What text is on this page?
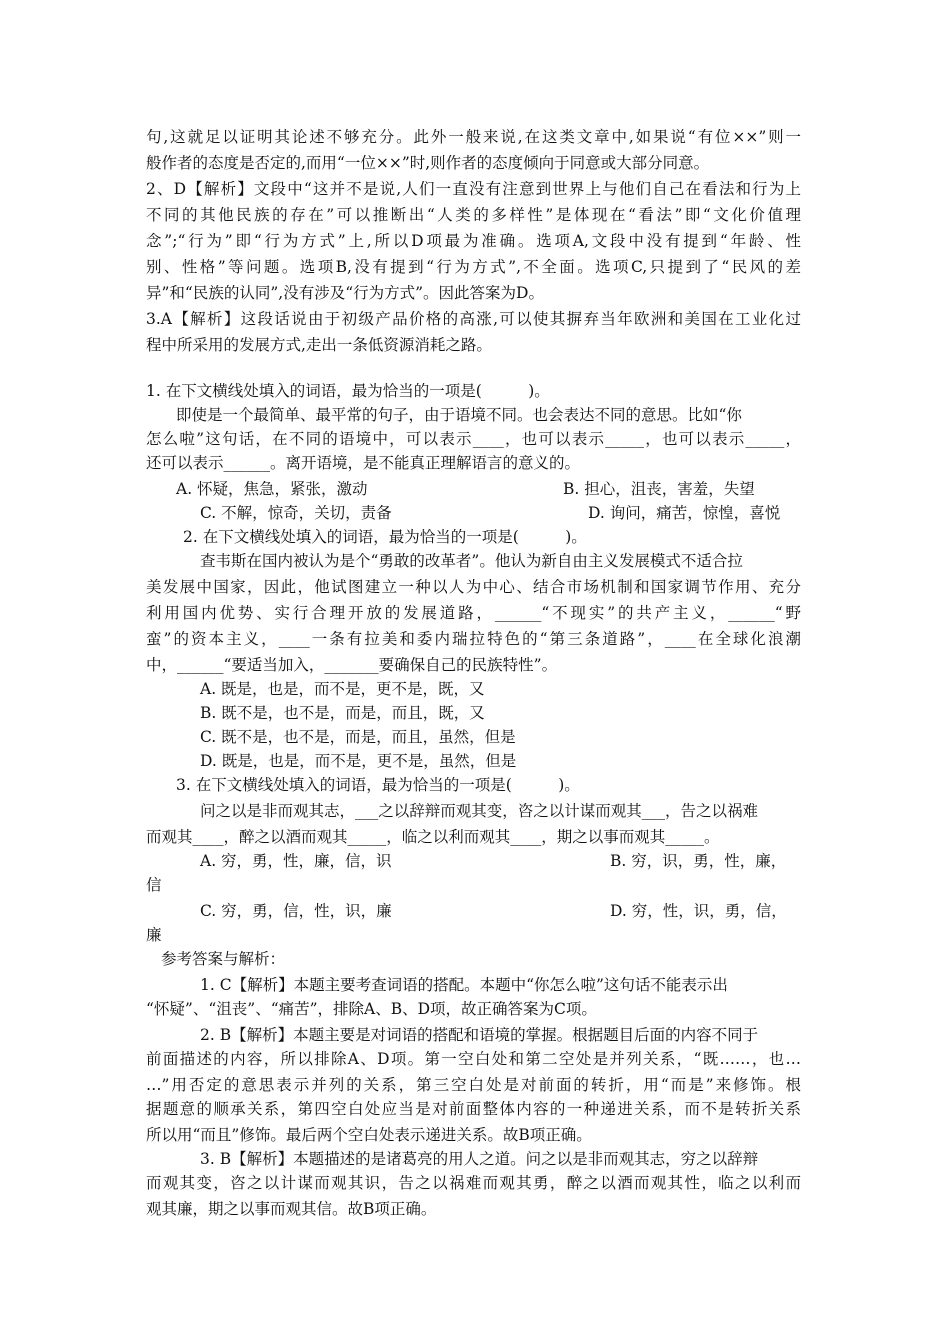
句,这就足以证明其论述不够充分。此外一般来说,在这类文章中,如果说“有位××”则一

般作者的态度是否定的,而用“一位××”时,则作者的态度倾向于同意或大部分同意。

2、D【解析】文段中“这并不是说,人们一直没有注意到世界上与他们自己在看法和行为上

不同的其他民族的存在”可以推断出“人类的多样性”是体现在“看法”即“文化价值理

念”;“行为”即“行为方式”上,所以D项最为准确。选项A,文段中没有提到“年龄、性

别、性格”等问题。选项B,没有提到“行为方式”,不全面。选项C,只提到了“民风的差

异”和“民族的认同”,没有涉及“行为方式”。因此答案为D。

3.A【解析】这段话说由于初级产品价格的高涨,可以使其摒弃当年欧洲和美国在工业化过

程中所采用的发展方式,走出一条低资源消耗之路。

1. 在下文横线处填入的词语，最为恰当的一项是(　　　)。

即使是一个最简单、最平常的句子，由于语境不同。也会表达不同的意思。比如“你

怎么啦”这句话，在不同的语境中，可以表示____，也可以表示_____，也可以表示_____，

还可以表示______。离开语境，是不能真正理解语言的意义的。

A. 怀疑，焦急，紧张，激动	B. 担心，沮丧，害羞，失望

C. 不解，惊奇，关切，责备	D. 询问，痛苦，惊惶，喜悦

2. 在下文横线处填入的词语，最为恰当的一项是(　　　)。

查韦斯在国内被认为是个“勇敢的改革者”。他认为新自由主义发展模式不适合拉

美发展中国家，因此，他试图建立一种以人为中心、结合市场机制和国家调节作用、充分

利用国内优势、实行合理开放的发展道路，______“不现实”的共产主义，______“野

蛮”的资本主义，____一条有拉美和委内瑞拉特色的“第三条道路”，____在全球化浪潮

中，______“要适当加入，_______要确保自己的民族特性”。

A. 既是，也是，而不是，更不是，既，又

B. 既不是，也不是，而是，而且，既，又

C. 既不是，也不是，而是，而且，虽然，但是

D. 既是，也是，而不是，更不是，虽然，但是

3. 在下文横线处填入的词语，最为恰当的一项是(　　　)。

问之以是非而观其志，___之以辞辩而观其变，咨之以计谋而观其___，告之以祸难

而观其____，醉之以酒而观其_____，临之以利而观其____，期之以事而观其_____。

A. 穷，勇，性，廉，信，识	B. 穷，识，勇，性，廉，

信

C. 穷，勇，信，性，识，廉	D. 穷，性，识，勇，信，

廉

参考答案与解析：

1. C【解析】本题主要考查词语的搭配。本题中“你怎么啦”这句话不能表示出

“怀疑”、“沮丧”、“痛苦”，排除A、B、D项，故正确答案为C项。

2. B【解析】本题主要是对词语的搭配和语境的掌握。根据题目后面的内容不同于

前面描述的内容，所以排除A、D项。第一空白处和第二空处是并列关系，“既……，也…

…”用否定的意思表示并列的关系，第三空白处是对前面的转折，用“而是”来修饰。根

据题意的顺承关系，第四空白处应当是对前面整体内容的一种递进关系，而不是转折关系

所以用“而且”修饰。最后两个空白处表示递进关系。故B项正确。

3. B【解析】本题描述的是诸葛亮的用人之道。问之以是非而观其志，穷之以辞辩

而观其变，咨之以计谋而观其识，告之以祸难而观其勇，醉之以酒而观其性，临之以利而

观其廉，期之以事而观其信。故B项正确。
